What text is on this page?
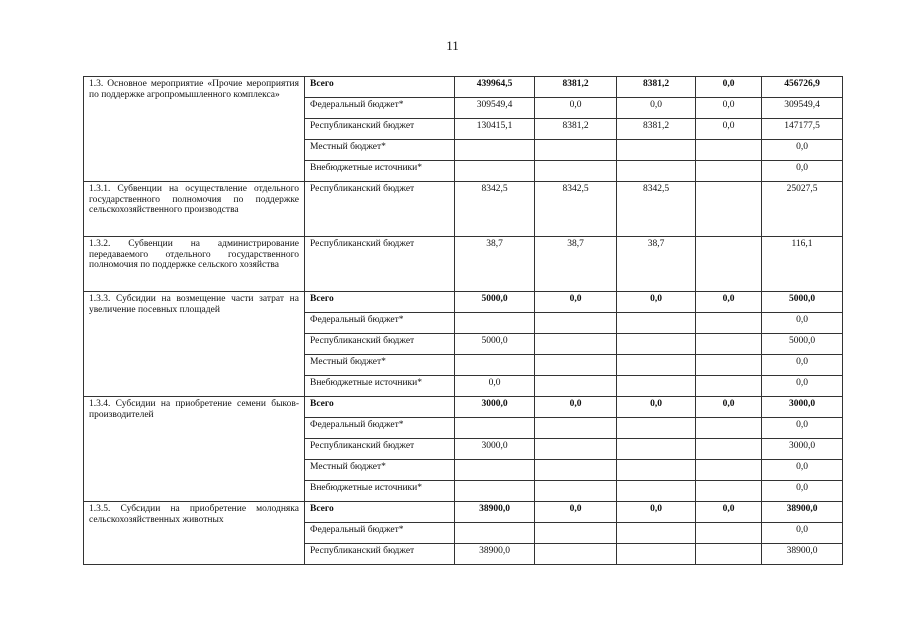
11
1.3. Основное мероприятие «Прочие мероприятия по поддержке агропромышленного комплекса»	Всего	439964,5	8381,2	8381,2	0,0	456726,9
	Федеральный бюджет*	309549,4	0,0	0,0	0,0	309549,4
	Республиканский бюджет	130415,1	8381,2	8381,2	0,0	147177,5
	Местный бюджет*					0,0
	Внебюджетные источники*					0,0
1.3.1. Субвенции на осуществление отдельного государственного полномочия по поддержке сельскохозяйственного производства	Республиканский бюджет	8342,5	8342,5	8342,5		25027,5
1.3.2. Субвенции на администрирование передаваемого отдельного государственного полномочия по поддержке сельского хозяйства	Республиканский бюджет	38,7	38,7	38,7		116,1
1.3.3. Субсидии на возмещение части затрат на увеличение посевных площадей	Всего	5000,0	0,0	0,0	0,0	5000,0
	Федеральный бюджет*					0,0
	Республиканский бюджет	5000,0				5000,0
	Местный бюджет*					0,0
	Внебюджетные источники*	0,0				0,0
1.3.4. Субсидии на приобретение семени быков-производителей	Всего	3000,0	0,0	0,0	0,0	3000,0
	Федеральный бюджет*					0,0
	Республиканский бюджет	3000,0				3000,0
	Местный бюджет*					0,0
	Внебюджетные источники*					0,0
1.3.5. Субсидии на приобретение молодняка сельскохозяйственных животных	Всего	38900,0	0,0	0,0	0,0	38900,0
	Федеральный бюджет*					0,0
	Республиканский бюджет	38900,0				38900,0
